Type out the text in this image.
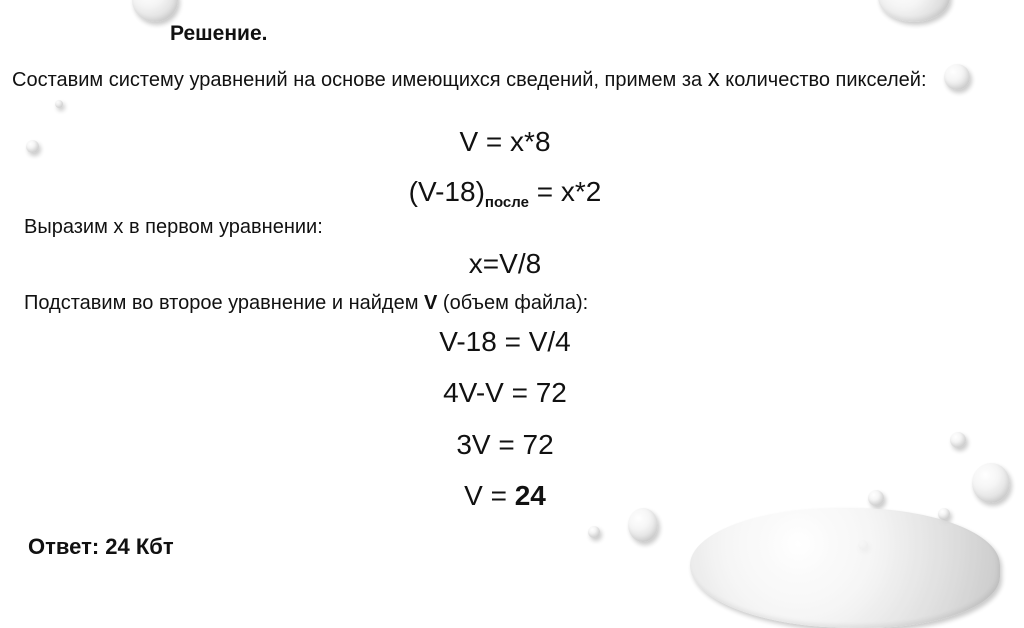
Решение.
Составим систему уравнений на основе имеющихся сведений, примем за x количество пикселей:
V = x*8
$(V-18)_{после} = x*2$
Выразим x в первом уравнении:
x=V/8
Подставим во второе уравнение и найдем V (объем файла):
V-18 = V/4
4V-V = 72
3V = 72
V = 24
Ответ: 24 Кбт
